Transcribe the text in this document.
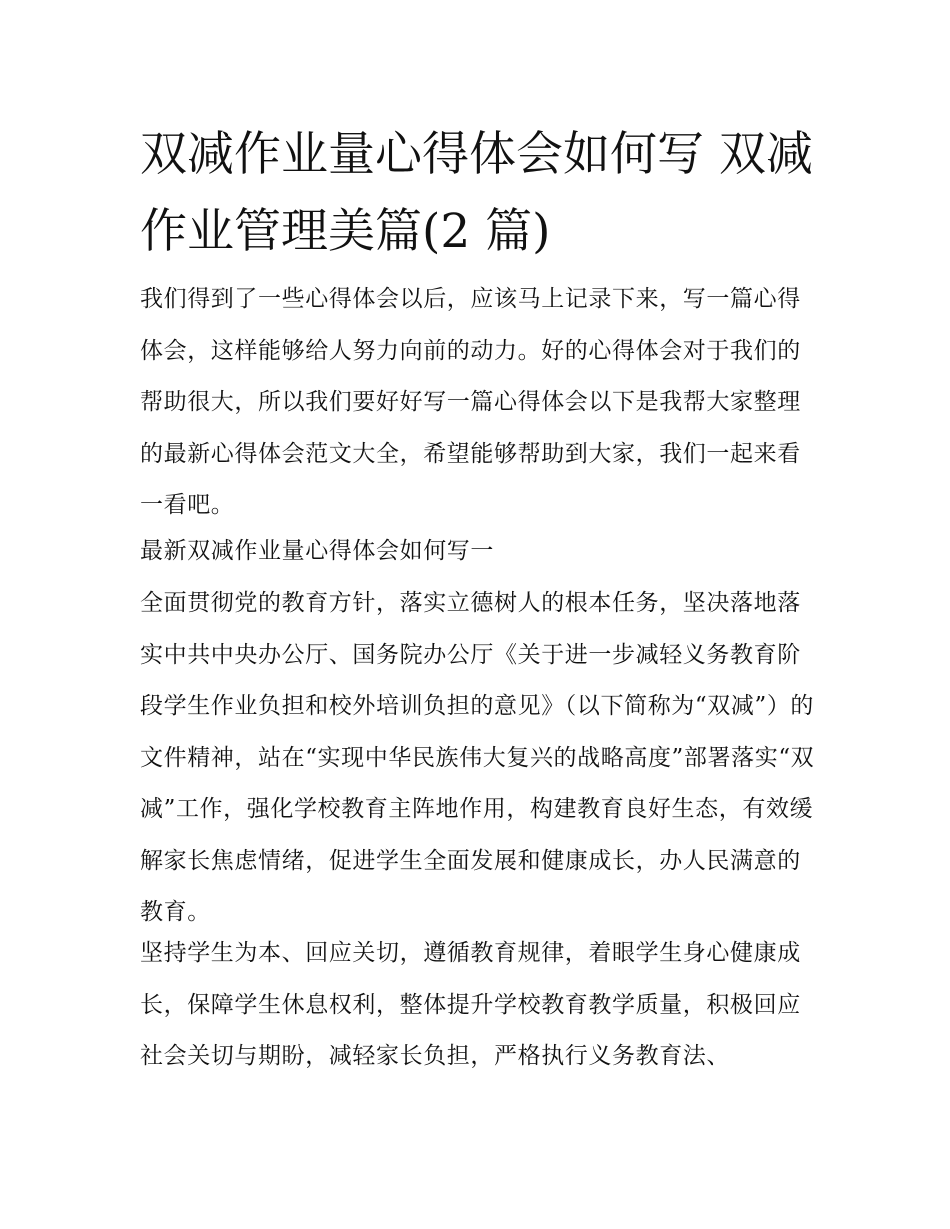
双减作业量心得体会如何写 双减作业管理美篇(2 篇)

我们得到了一些心得体会以后，应该马上记录下来，写一篇心得体会，这样能够给人努力向前的动力。好的心得体会对于我们的帮助很大，所以我们要好好写一篇心得体会以下是我帮大家整理的最新心得体会范文大全，希望能够帮助到大家，我们一起来看一看吧。

最新双减作业量心得体会如何写一

全面贯彻党的教育方针，落实立德树人的根本任务，坚决落地落实中共中央办公厅、国务院办公厅《关于进一步减轻义务教育阶段学生作业负担和校外培训负担的意见》（以下简称为“双减”）的文件精神，站在“实现中华民族伟大复兴的战略高度”部署落实“双减”工作，强化学校教育主阵地作用，构建教育良好生态，有效缓解家长焦虑情绪，促进学生全面发展和健康成长，办人民满意的教育。

坚持学生为本、回应关切，遵循教育规律，着眼学生身心健康成长，保障学生休息权利，整体提升学校教育教学质量，积极回应社会关切与期盼，减轻家长负担，严格执行义务教育法、
